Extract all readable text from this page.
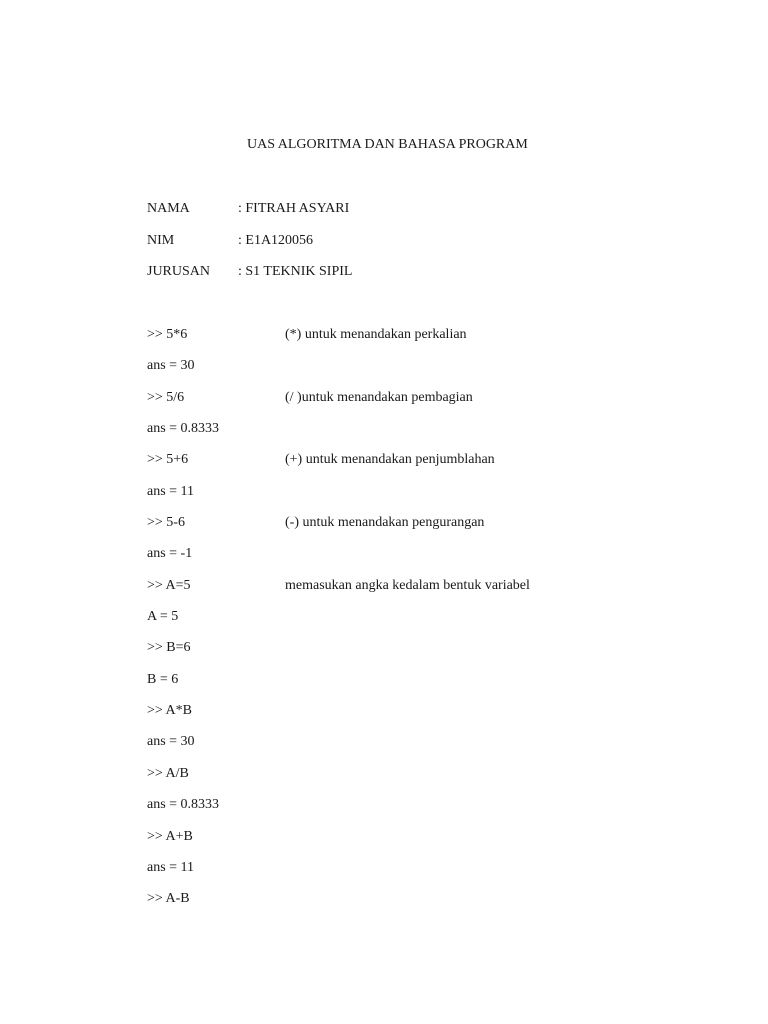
UAS ALGORITMA DAN BAHASA PROGRAM
NAMA	: FITRAH ASYARI
NIM	: E1A120056
JURUSAN : S1 TEKNIK SIPIL
>> 5*6	(*) untuk menandakan perkalian
ans = 30
>> 5/6	(/ )untuk menandakan pembagian
ans = 0.8333
>> 5+6	(+) untuk menandakan penjumblahan
ans = 11
>> 5-6	(-) untuk menandakan pengurangan
ans = -1
>> A=5	memasukan angka kedalam bentuk variabel
A = 5
>> B=6
B = 6
>> A*B
ans = 30
>> A/B
ans = 0.8333
>> A+B
ans = 11
>> A-B
